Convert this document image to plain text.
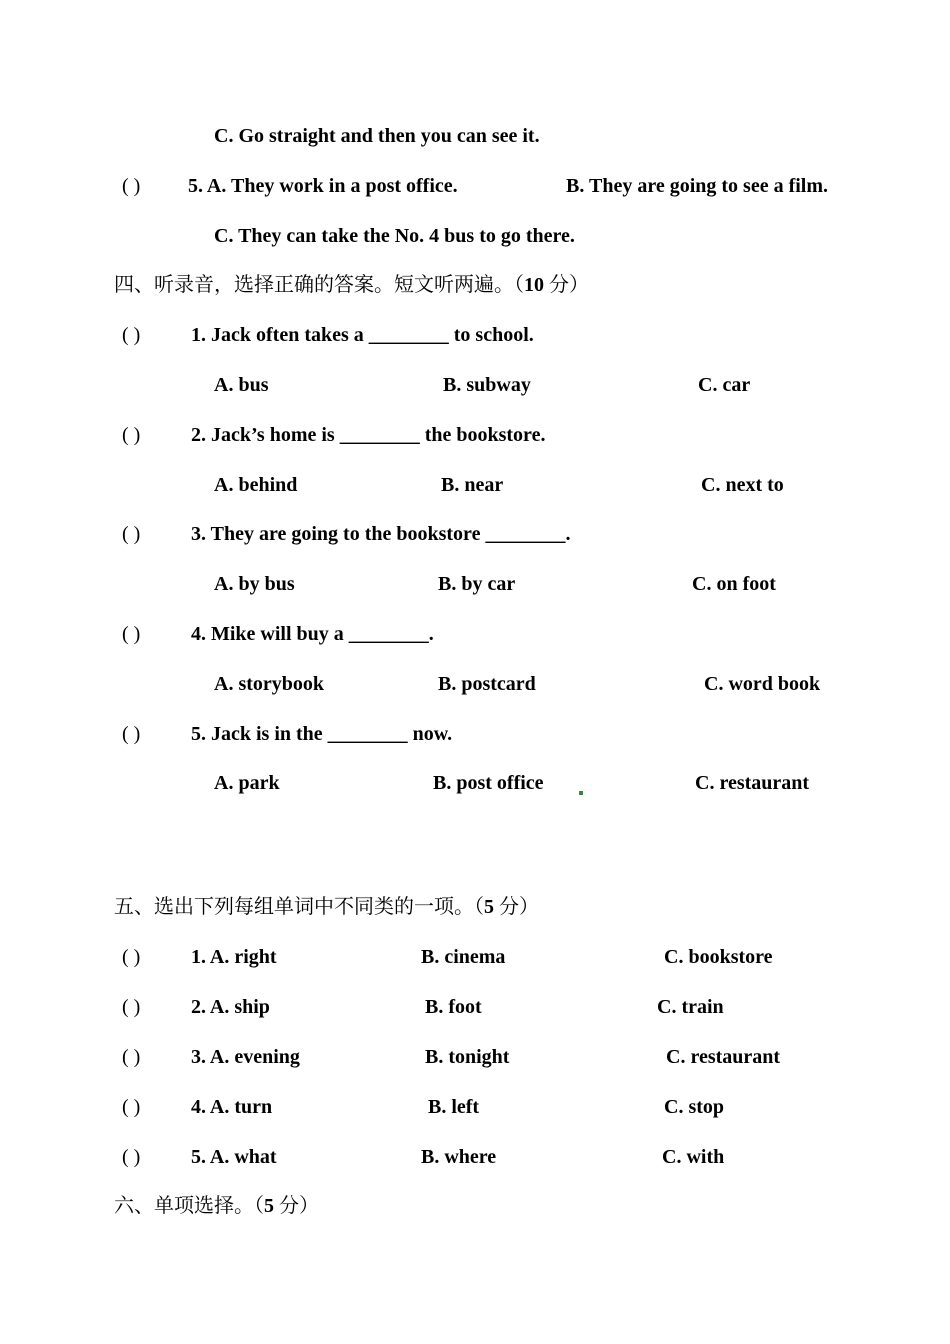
C. Go straight and then you can see it.
( ) 5. A. They work in a post office.	B. They are going to see a film.
C. They can take the No. 4 bus to go there.
四、听录音，选择正确的答案。短文听两遍。（10 分）
( )	1. Jack often takes a ________ to school.
A. bus	B. subway	C. car
( )	2. Jack’s home is ________ the bookstore.
A. behind	B. near	C. next to
( )	3. They are going to the bookstore ________.
A. by bus	B. by car	C. on foot
( )	4. Mike will buy a ________.
A. storybook	B. postcard	C. word book
( )	5. Jack is in the ________ now.
A. park	B. post office	C. restaurant
五、选出下列每组单词中不同类的一项。（5 分）
( )	1. A. right	B. cinema	C. bookstore
( )	2. A. ship	B. foot	C. train
( )	3. A. evening	B. tonight	C. restaurant
( )	4. A. turn	B. left	C. stop
( )	5. A. what	B. where	C. with
六、单项选择。（5 分）
